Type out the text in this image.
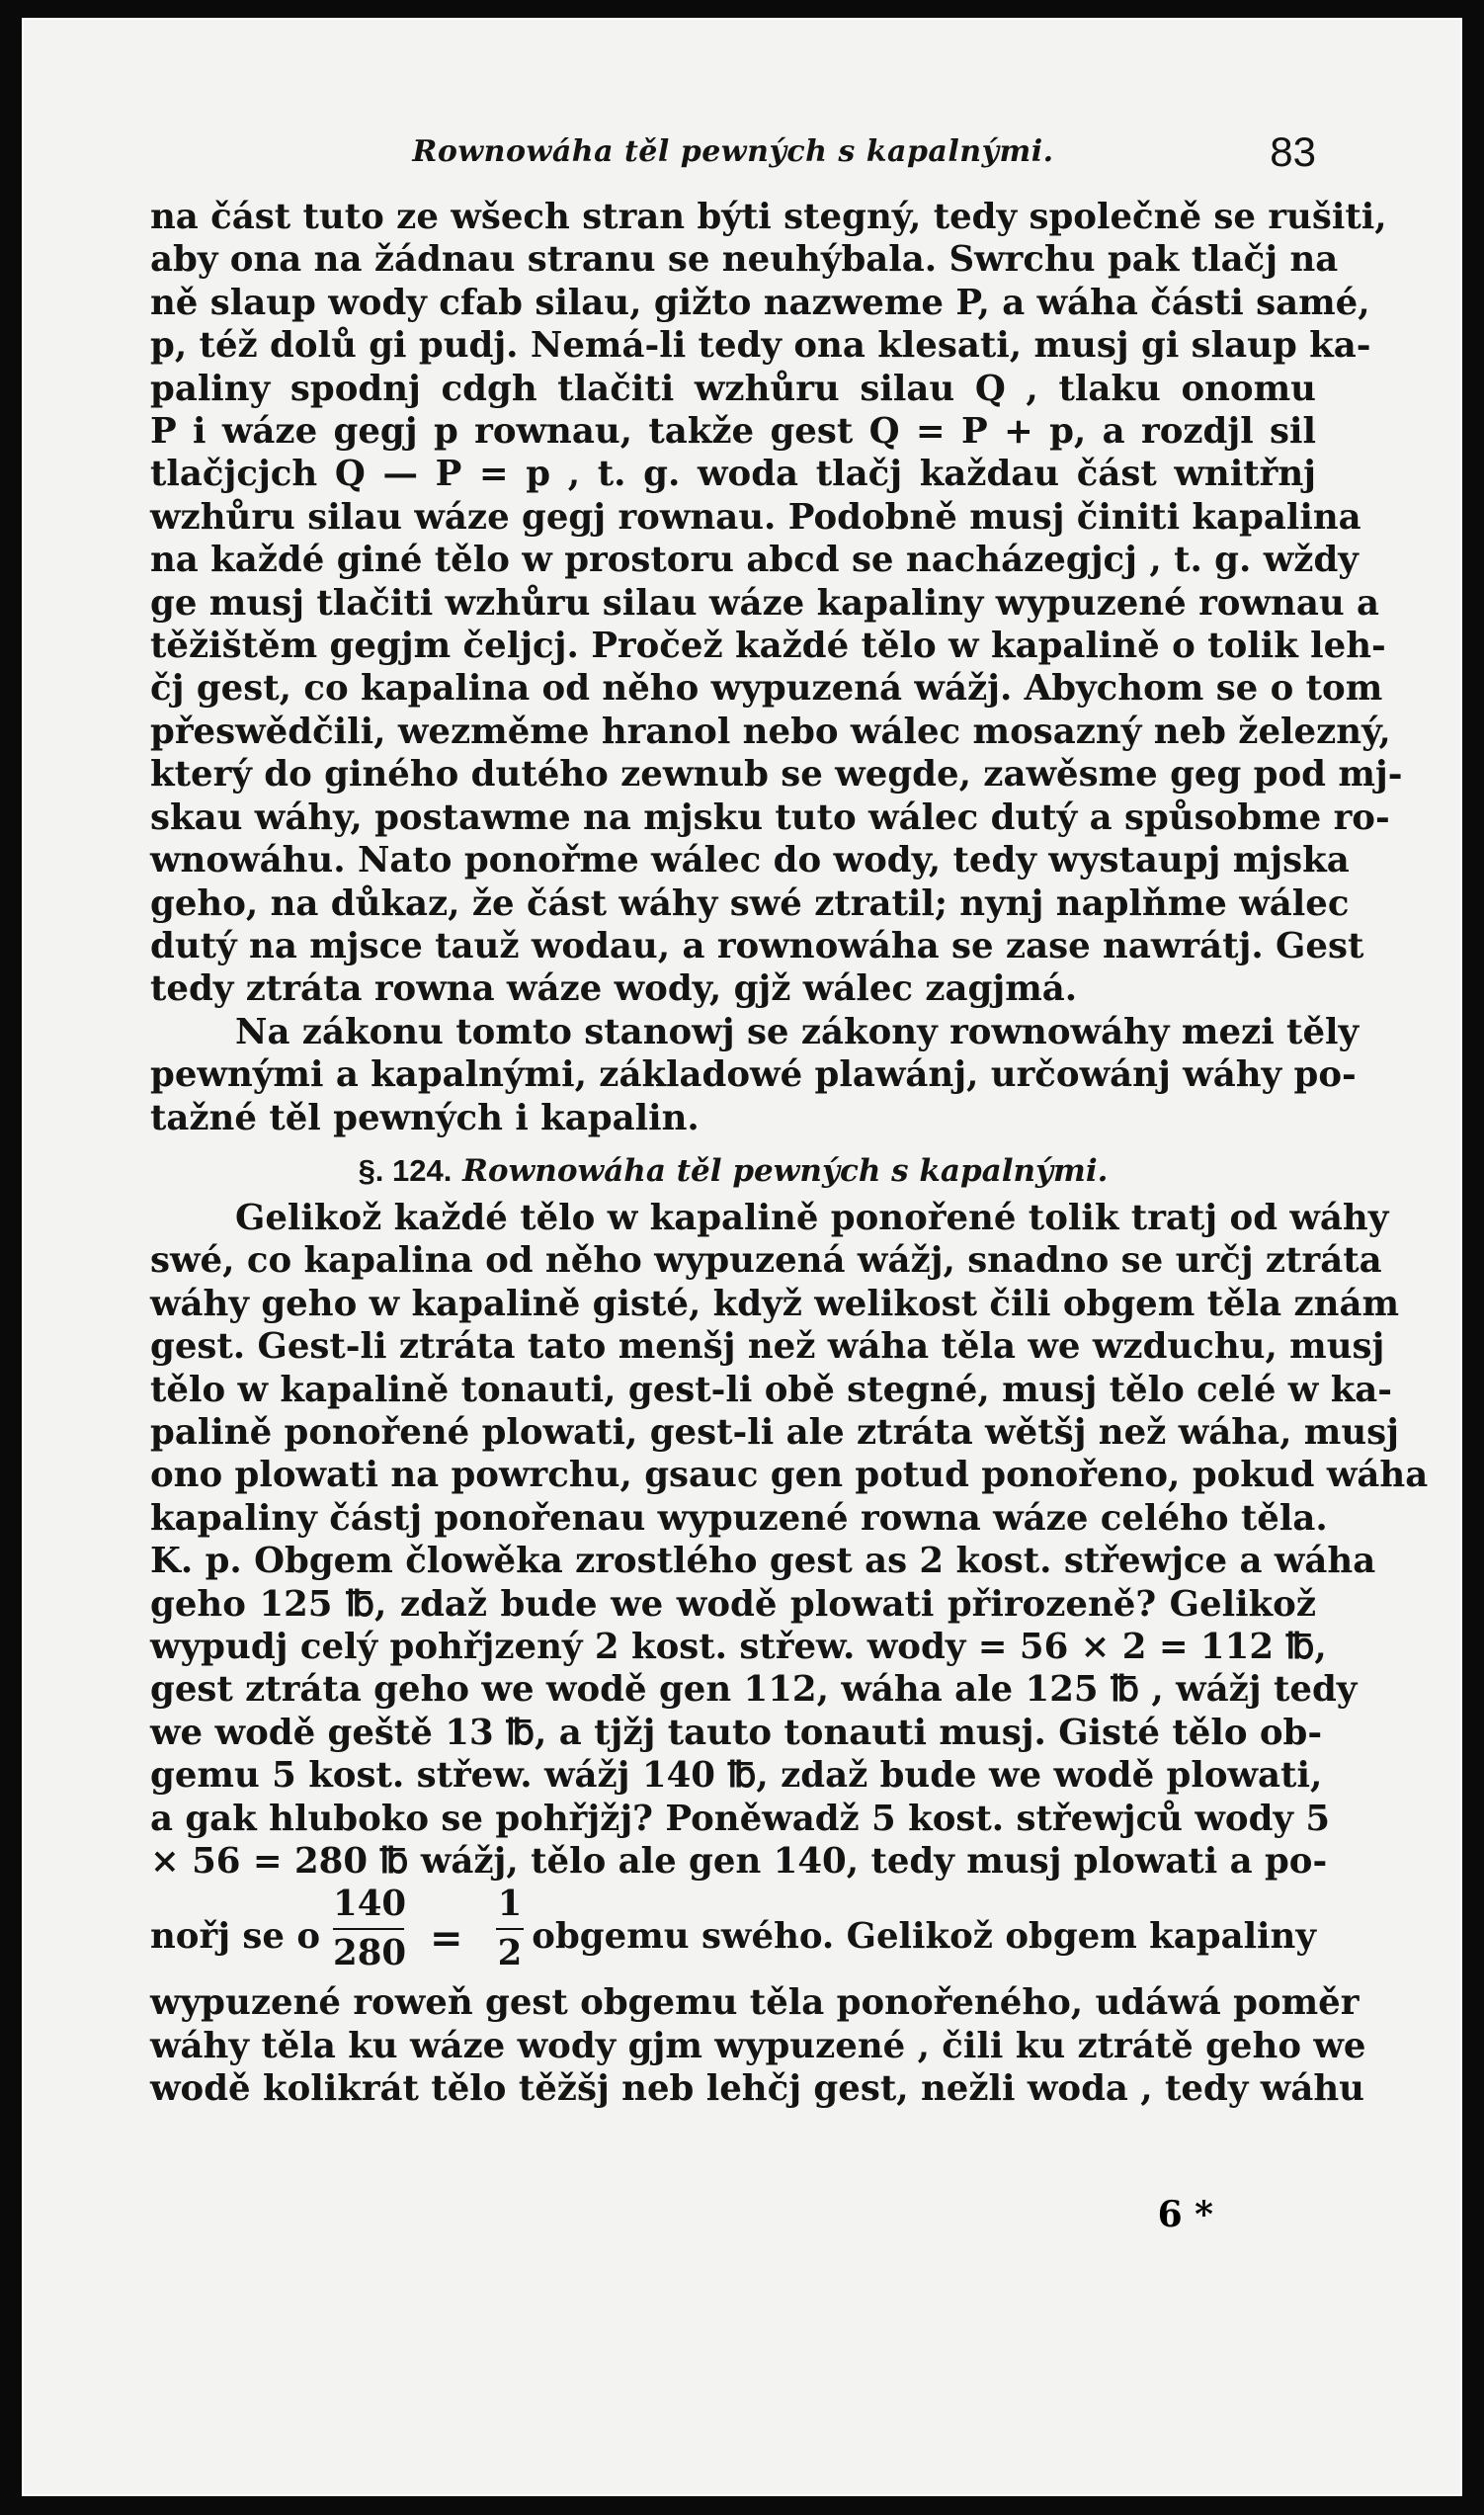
Rownowáha těl pewných s kapalnými.	83
na část tuto ze wšech stran býti stegný, tedy společně se rušiti,
aby ona na žádnau stranu se neuhýbala. Swrchu pak tlačj na
ně slaup wody cfab silau, gižto nazweme P, a wáha části samé,
p, též dolů gi pudj. Nemá-li tedy ona klesati, musj gi slaup ka-
paliny spodnj cdgh tlačiti wzhůru silau Q , tlaku onomu
P i wáze gegj p rownau, takže gest Q = P + p, a rozdjl sil
tlačjcjch Q — P = p , t. g. woda tlačj každau část wnitřnj
wzhůru silau wáze gegj rownau. Podobně musj činiti kapalina
na každé giné tělo w prostoru abcd se nacházegjcj , t. g. wždy
ge musj tlačiti wzhůru silau wáze kapaliny wypuzené rownau a
těžištěm gegjm čeljcj. Pročež každé tělo w kapalině o tolik leh-
čj gest, co kapalina od něho wypuzená wážj. Abychom se o tom
přeswědčili, wezměme hranol nebo wálec mosazný neb železný,
který do giného dutého zewnub se wegde, zawěsme geg pod mj-
skau wáhy, postawme na mjsku tuto wálec dutý a spůsobme ro-
wnowáhu. Nato ponořme wálec do wody, tedy wystaupj mjska
geho, na důkaz, že část wáhy swé ztratil; nynj naplňme wálec
dutý na mjsce tauž wodau, a rownowáha se zase nawrátj. Gest
tedy ztráta rowna wáze wody, gjž wálec zagjmá.
Na zákonu tomto stanowj se zákony rownowáhy mezi těly
pewnými a kapalnými, základowé plawánj, určowánj wáhy po-
tažné těl pewných i kapalin.
§. 124. Rownowáha těl pewných s kapalnými.
Gelikož každé tělo w kapalině ponořené tolik tratj od wáhy
swé, co kapalina od něho wypuzená wážj, snadno se určj ztráta
wáhy geho w kapalině gisté, když welikost čili obgem těla znám
gest. Gest-li ztráta tato menšj než wáha těla we wzduchu, musj
tělo w kapalině tonauti, gest-li obě stegné, musj tělo celé w ka-
palině ponořené plowati, gest-li ale ztráta wětšj než wáha, musj
ono plowati na powrchu, gsauc gen potud ponořeno, pokud wáha
kapaliny částj ponořenau wypuzené rowna wáze celého těla.
K. p. Obgem člowěka zrostlého gest as 2 kost. střewjce a wáha
geho 125 ℔, zdaž bude we wodě plowati přirozeně? Gelikož
wypudj celý pohřjzený 2 kost. střew. wody = 56 × 2 = 112 ℔,
gest ztráta geho we wodě gen 112, wáha ale 125 ℔ , wážj tedy
we wodě geště 13 ℔, a tjžj tauto tonauti musj. Gisté tělo ob-
gemu 5 kost. střew. wážj 140 ℔, zdaž bude we wodě plowati,
a gak hluboko se pohřjžj? Poněwadž 5 kost. střewjců wody 5
× 56 = 280 ℔ wážj, tělo ale gen 140, tedy musj plowati a po-
nořj se o
140
280 =
1
2 obgemu swého. Gelikož obgem kapaliny
wypuzené roweň gest obgemu těla ponořeného, udáwá poměr
wáhy těla ku wáze wody gjm wypuzené , čili ku ztrátě geho we
wodě kolikrát tělo těžšj neb lehčj gest, nežli woda , tedy wáhu
6 *
